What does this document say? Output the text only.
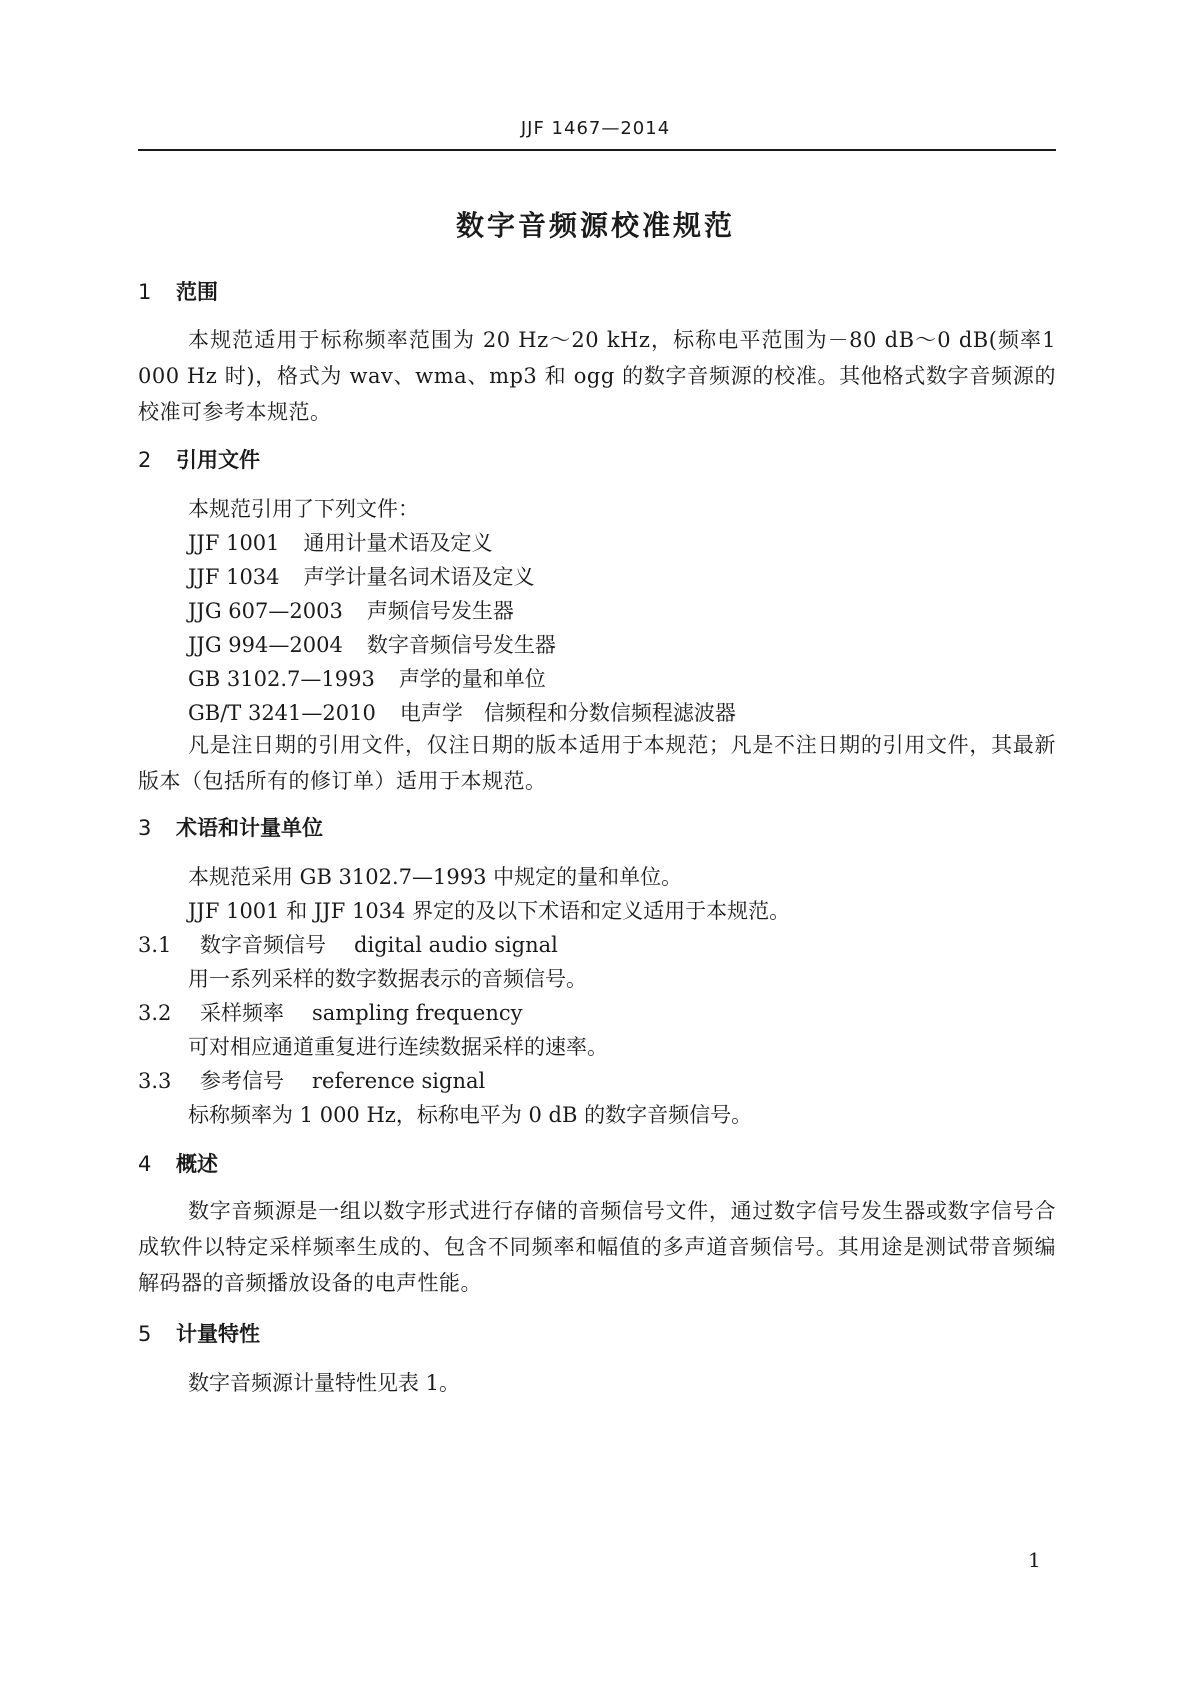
JJF 1467—2014
数字音频源校准规范
1 范围
本规范适用于标称频率范围为 20 Hz～20 kHz，标称电平范围为－80 dB～0 dB(频率1 000 Hz 时)，格式为 wav、wma、mp3 和 ogg 的数字音频源的校准。其他格式数字音频源的校准可参考本规范。
2 引用文件
本规范引用了下列文件：
JJF 1001 通用计量术语及定义
JJF 1034 声学计量名词术语及定义
JJG 607—2003 声频信号发生器
JJG 994—2004 数字音频信号发生器
GB 3102.7—1993 声学的量和单位
GB/T 3241—2010 电声学　信频程和分数信频程滤波器
凡是注日期的引用文件，仅注日期的版本适用于本规范；凡是不注日期的引用文件，其最新版本（包括所有的修订单）适用于本规范。
3 术语和计量单位
本规范采用 GB 3102.7—1993 中规定的量和单位。
JJF 1001 和 JJF 1034 界定的及以下术语和定义适用于本规范。
3.1 数字音频信号 digital audio signal
用一系列采样的数字数据表示的音频信号。
3.2 采样频率 sampling frequency
可对相应通道重复进行连续数据采样的速率。
3.3 参考信号 reference signal
标称频率为 1 000 Hz，标称电平为 0 dB 的数字音频信号。
4 概述
数字音频源是一组以数字形式进行存储的音频信号文件，通过数字信号发生器或数字信号合成软件以特定采样频率生成的、包含不同频率和幅值的多声道音频信号。其用途是测试带音频编解码器的音频播放设备的电声性能。
5 计量特性
数字音频源计量特性见表 1。
1
